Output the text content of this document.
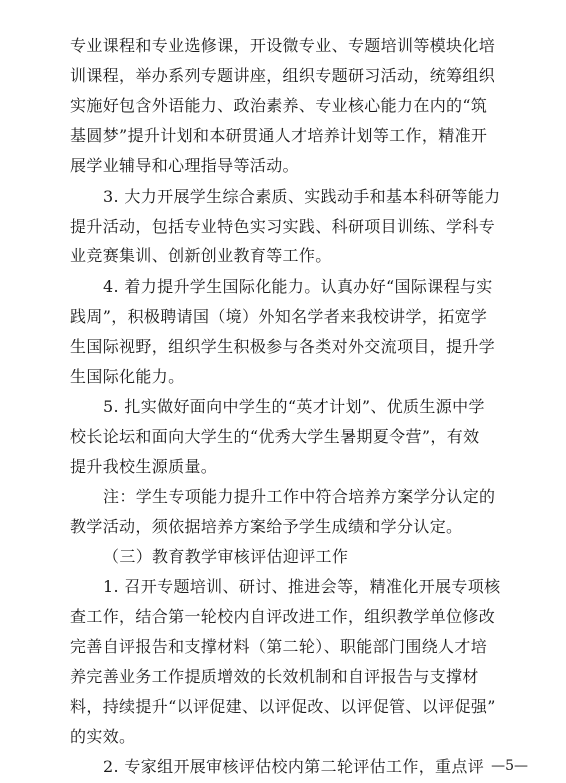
专业课程和专业选修课，开设微专业、专题培训等模块化培
训课程，举办系列专题讲座，组织专题研习活动，统筹组织
实施好包含外语能力、政治素养、专业核心能力在内的“筑
基圆梦”提升计划和本研贯通人才培养计划等工作，精准开
展学业辅导和心理指导等活动。
3. 大力开展学生综合素质、实践动手和基本科研等能力
提升活动，包括专业特色实习实践、科研项目训练、学科专
业竞赛集训、创新创业教育等工作。
4. 着力提升学生国际化能力。认真办好“国际课程与实
践周”，积极聘请国（境）外知名学者来我校讲学，拓宽学
生国际视野，组织学生积极参与各类对外交流项目，提升学
生国际化能力。
5. 扎实做好面向中学生的“英才计划”、优质生源中学
校长论坛和面向大学生的“优秀大学生暑期夏令营”，有效
提升我校生源质量。
注：学生专项能力提升工作中符合培养方案学分认定的
教学活动，须依据培养方案给予学生成绩和学分认定。
（三）教育教学审核评估迎评工作
1. 召开专题培训、研讨、推进会等，精准化开展专项核
查工作，结合第一轮校内自评改进工作，组织教学单位修改
完善自评报告和支撑材料（第二轮）、职能部门围绕人才培
养完善业务工作提质增效的长效机制和自评报告与支撑材
料，持续提升“以评促建、以评促改、以评促管、以评促强”
的实效。
2. 专家组开展审核评估校内第二轮评估工作，重点评 —5—
